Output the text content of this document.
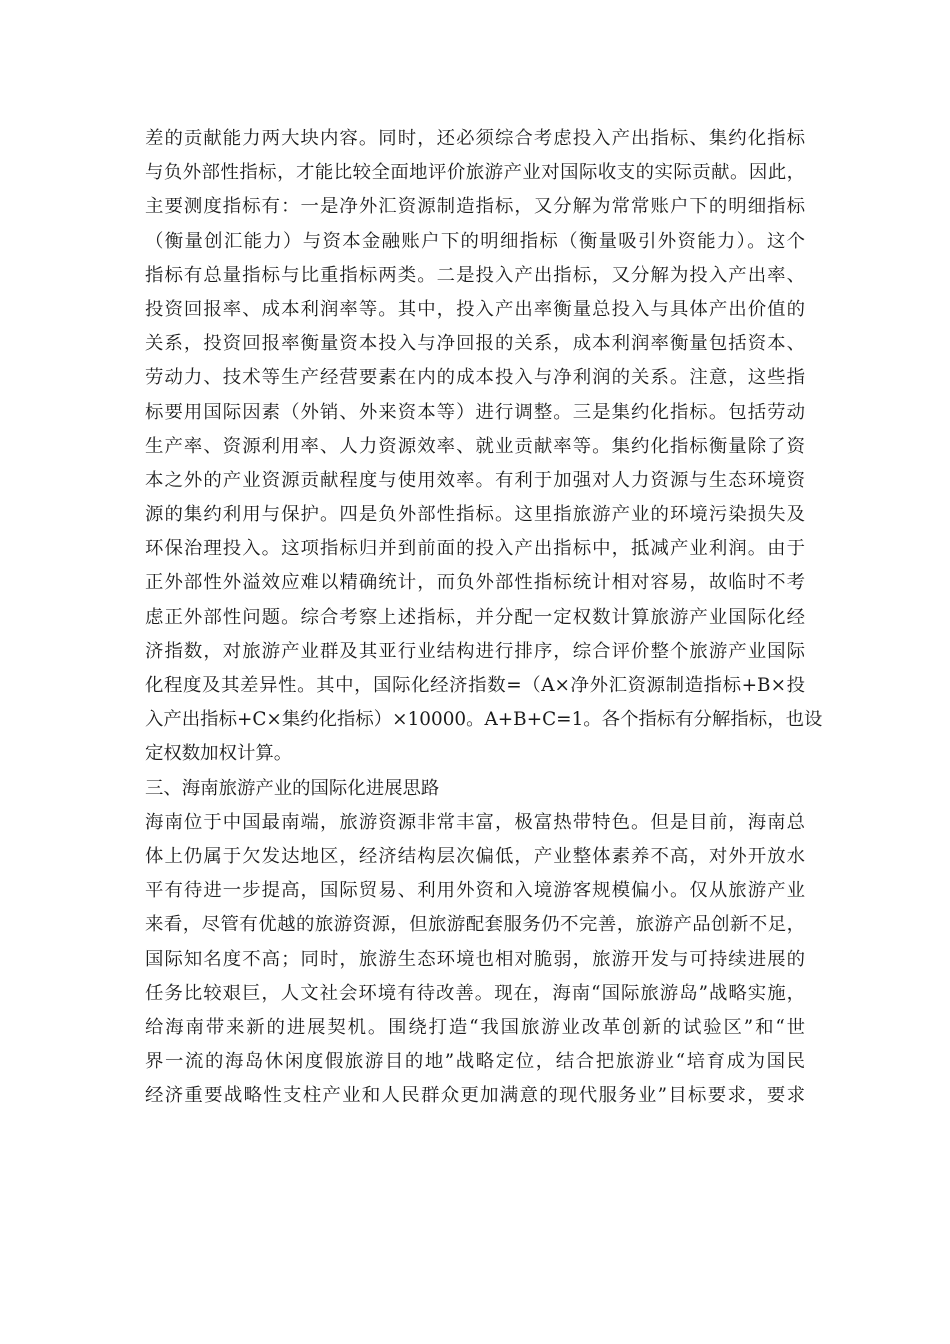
差的贡献能力两大块内容。同时，还必须综合考虑投入产出指标、集约化指标
与负外部性指标，才能比较全面地评价旅游产业对国际收支的实际贡献。因此，
主要测度指标有：一是净外汇资源制造指标，又分解为常常账户下的明细指标
（衡量创汇能力）与资本金融账户下的明细指标（衡量吸引外资能力）。这个
指标有总量指标与比重指标两类。二是投入产出指标，又分解为投入产出率、
投资回报率、成本利润率等。其中，投入产出率衡量总投入与具体产出价值的
关系，投资回报率衡量资本投入与净回报的关系，成本利润率衡量包括资本、
劳动力、技术等生产经营要素在内的成本投入与净利润的关系。注意，这些指
标要用国际因素（外销、外来资本等）进行调整。三是集约化指标。包括劳动
生产率、资源利用率、人力资源效率、就业贡献率等。集约化指标衡量除了资
本之外的产业资源贡献程度与使用效率。有利于加强对人力资源与生态环境资
源的集约利用与保护。四是负外部性指标。这里指旅游产业的环境污染损失及
环保治理投入。这项指标归并到前面的投入产出指标中，抵减产业利润。由于
正外部性外溢效应难以精确统计，而负外部性指标统计相对容易，故临时不考
虑正外部性问题。综合考察上述指标，并分配一定权数计算旅游产业国际化经
济指数，对旅游产业群及其亚行业结构进行排序，综合评价整个旅游产业国际
化程度及其差异性。其中，国际化经济指数=（A×净外汇资源制造指标+B×投
入产出指标+C×集约化指标）×10000。A+B+C=1。各个指标有分解指标，也设
定权数加权计算。
三、海南旅游产业的国际化进展思路
海南位于中国最南端，旅游资源非常丰富，极富热带特色。但是目前，海南总
体上仍属于欠发达地区，经济结构层次偏低，产业整体素养不高，对外开放水
平有待进一步提高，国际贸易、利用外资和入境游客规模偏小。仅从旅游产业
来看，尽管有优越的旅游资源，但旅游配套服务仍不完善，旅游产品创新不足，
国际知名度不高；同时，旅游生态环境也相对脆弱，旅游开发与可持续进展的
任务比较艰巨，人文社会环境有待改善。现在，海南“国际旅游岛”战略实施，
给海南带来新的进展契机。围绕打造“我国旅游业改革创新的试验区”和“世
界一流的海岛休闲度假旅游目的地”战略定位，结合把旅游业“培育成为国民
经济重要战略性支柱产业和人民群众更加满意的现代服务业”目标要求，要求
